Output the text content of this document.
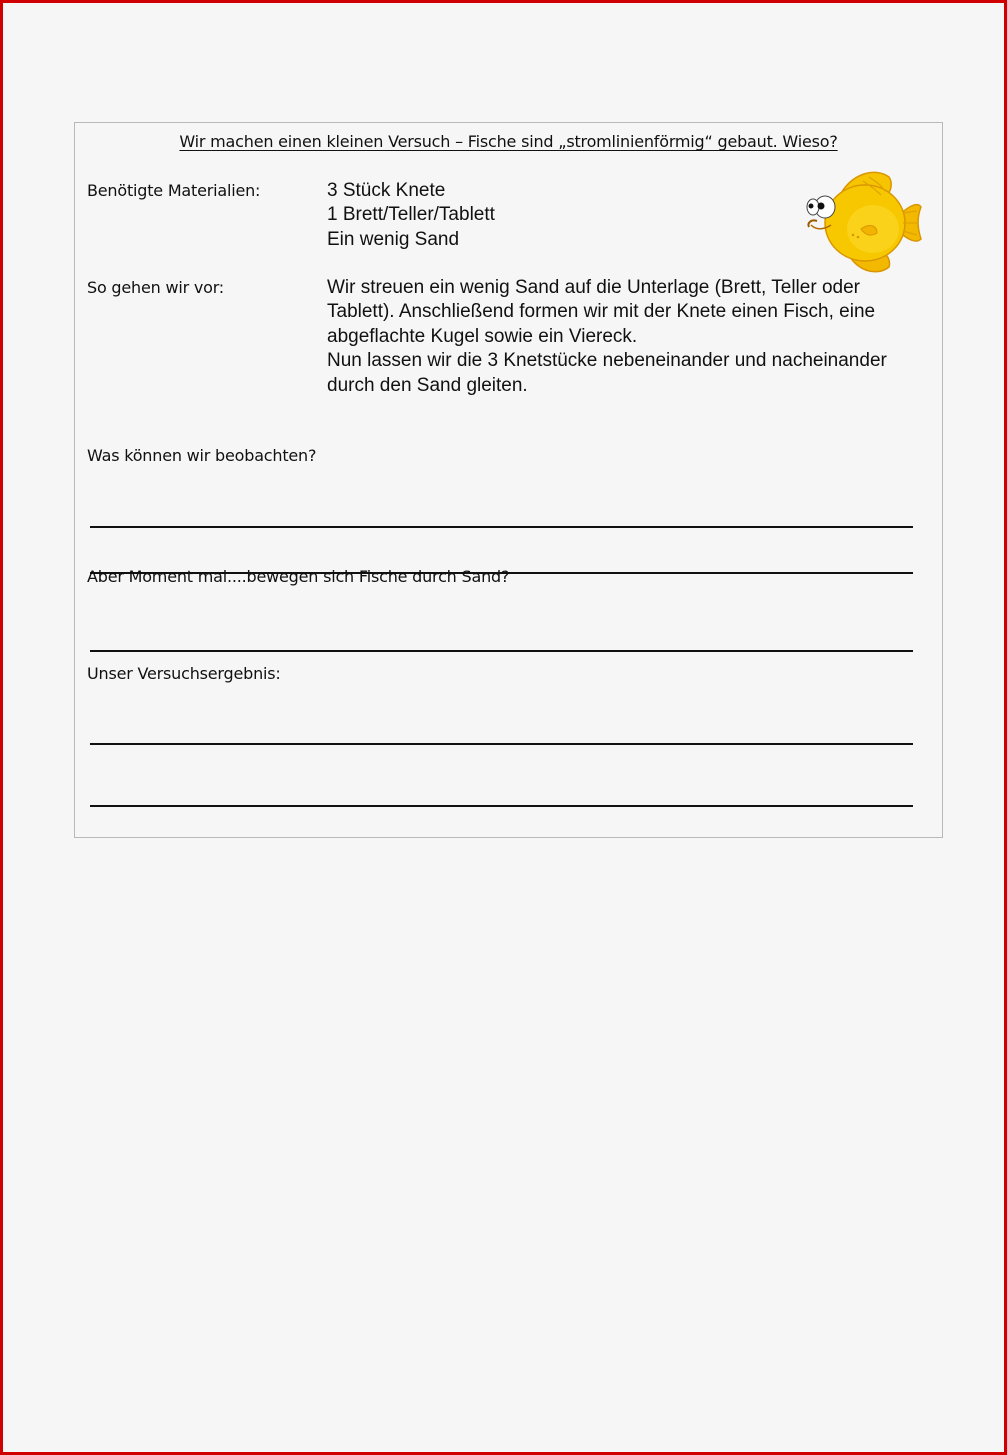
Wir machen einen kleinen Versuch – Fische sind „stromlinienförmig“ gebaut. Wieso?
Benötigte Materialien:	3 Stück Knete
1 Brett/Teller/Tablett
Ein wenig Sand
So gehen wir vor:	Wir streuen ein wenig Sand auf die Unterlage (Brett, Teller oder
Tablett). Anschließend formen wir mit der Knete einen Fisch, eine
abgeflachte Kugel sowie ein Viereck.
Nun lassen wir die 3 Knetstücke nebeneinander und nacheinander
durch den Sand gleiten.
Was können wir beobachten?
Aber Moment mal....bewegen sich Fische durch Sand?
Unser Versuchsergebnis:
